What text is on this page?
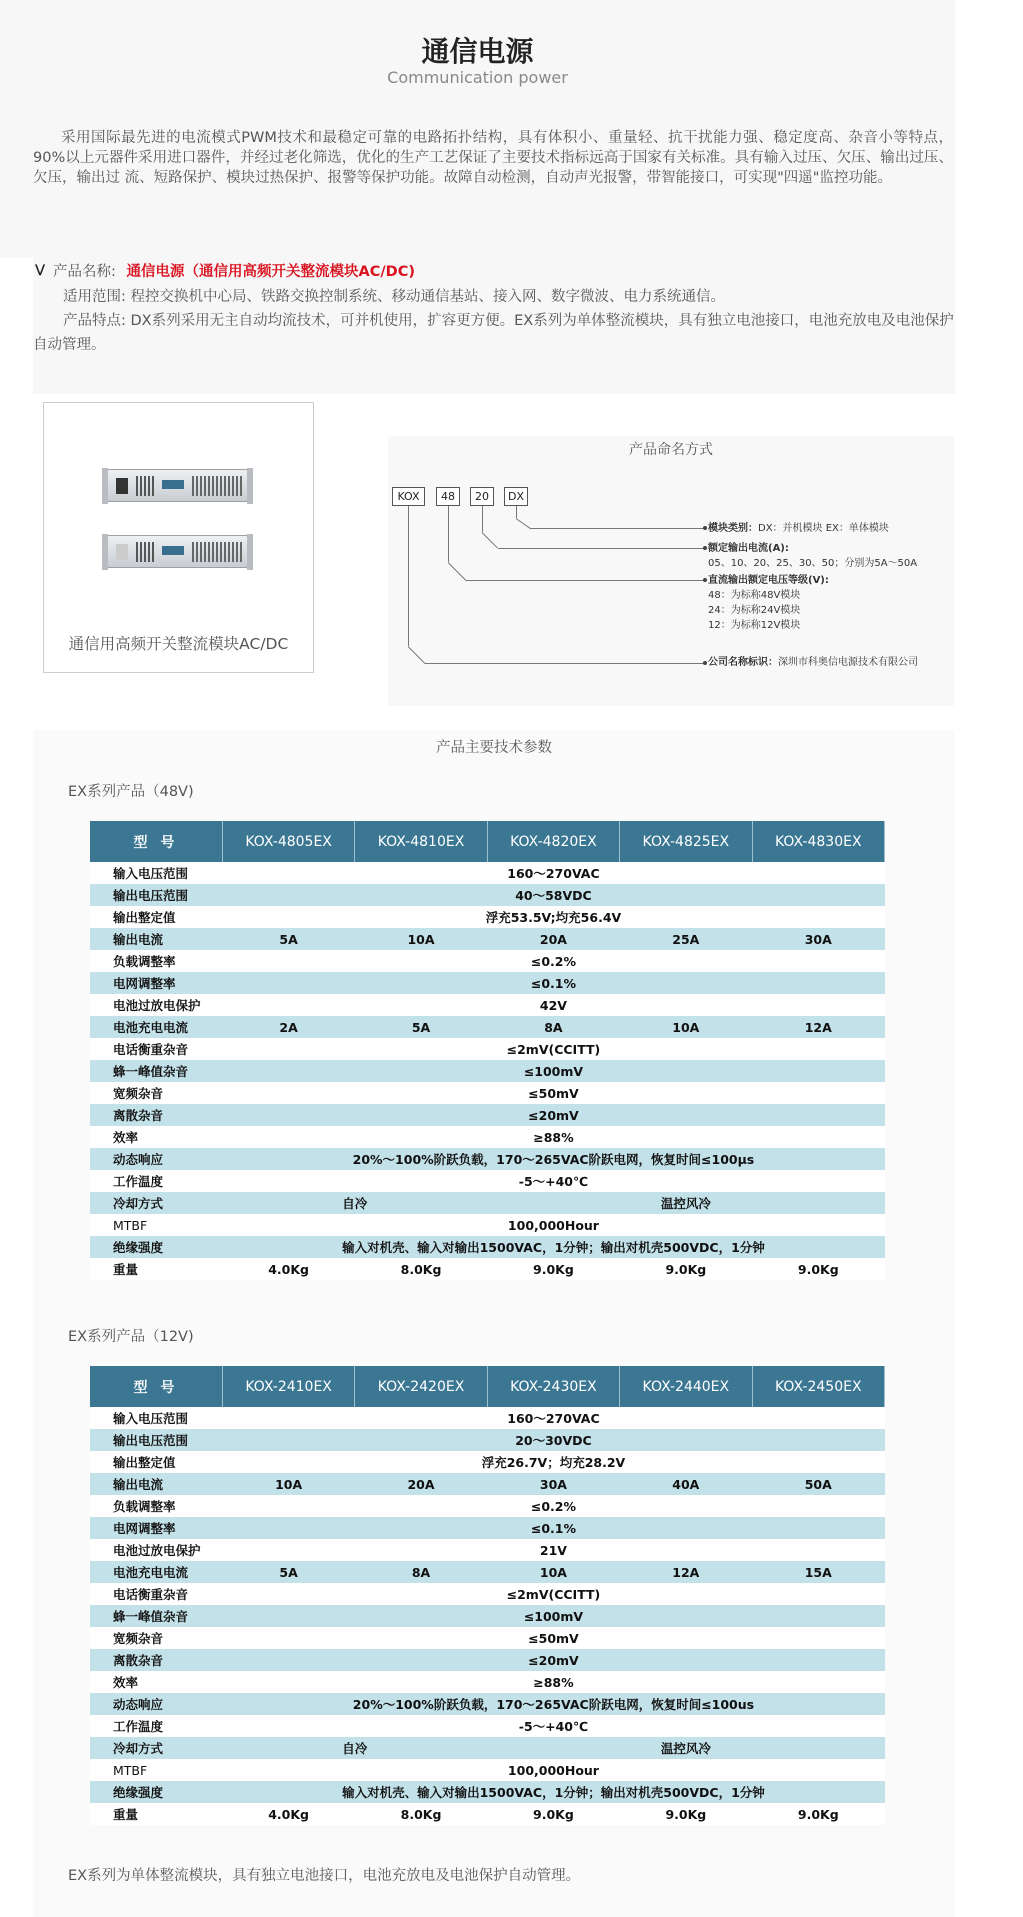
通信电源
Communication power
采用国际最先进的电流模式PWM技术和最稳定可靠的电路拓扑结构，具有体积小、重量轻、抗干扰能力强、稳定度高、杂音小等特点，90%以上元器件采用进口器件，并经过老化筛选，优化的生产工艺保证了主要技术指标远高于国家有关标准。具有输入过压、欠压、输出过压、欠压，输出过 流、短路保护、模块过热保护、报警等保护功能。故障自动检测，自动声光报警，带智能接口，可实现"四遥"监控功能。
⋁ 产品名称: 通信电源（通信用高频开关整流模块AC/DC)
适用范围: 程控交换机中心局、铁路交换控制系统、移动通信基站、接入网、数字微波、电力系统通信。
产品特点: DX系列采用无主自动均流技术，可并机使用，扩容更方便。EX系列为单体整流模块，具有独立电池接口，电池充放电及电池保护自动管理。
通信用高频开关整流模块AC/DC
产品命名方式
KOX	48	20	DX
模块类别：DX：并机模块 EX：单体模块
额定输出电流(A):
05、10、20、25、30、50；分别为5A～50A
直流输出额定电压等级(V):
48：为标称48V模块
24：为标称24V模块
12：为标称12V模块
公司名称标识：深圳市科奥信电源技术有限公司
产品主要技术参数
EX系列产品（48V)
型 号	KOX-4805EX	KOX-4810EX	KOX-4820EX	KOX-4825EX	KOX-4830EX
输入电压范围	160～270VAC				
输出电压范围	40～58VDC				
输出整定值	浮充53.5V;均充56.4V				
输出电流	5A	10A	20A	25A	30A
负载调整率	≤0.2%				
电网调整率	≤0.1%				
电池过放电保护	42V				
电池充电电流	2A	5A	8A	10A	12A
电话衡重杂音	≤2mV(CCITT)				
蜂一峰值杂音	≤100mV				
宽频杂音	≤50mV				
离散杂音	≤20mV				
效率	≥88%				
动态响应	20%～100%阶跃负载，170～265VAC阶跃电网，恢复时间≤100μs				
工作温度	-5～+40℃				
冷却方式	自冷		温控风冷		
MTBF	100,000Hour				
绝缘强度	输入对机壳、输入对输出1500VAC，1分钟；输出对机壳500VDC，1分钟				
重量	4.0Kg	8.0Kg	9.0Kg	9.0Kg	9.0Kg
EX系列产品（12V)
型 号	KOX-2410EX	KOX-2420EX	KOX-2430EX	KOX-2440EX	KOX-2450EX
输入电压范围	160～270VAC				
输出电压范围	20～30VDC				
输出整定值	浮充26.7V；均充28.2V				
输出电流	10A	20A	30A	40A	50A
负载调整率	≤0.2%				
电网调整率	≤0.1%				
电池过放电保护	21V				
电池充电电流	5A	8A	10A	12A	15A
电话衡重杂音	≤2mV(CCITT)				
蜂一峰值杂音	≤100mV				
宽频杂音	≤50mV				
离散杂音	≤20mV				
效率	≥88%				
动态响应	20%～100%阶跃负载，170～265VAC阶跃电网，恢复时间≤100us				
工作温度	-5～+40℃				
冷却方式	自冷		温控风冷		
MTBF	100,000Hour				
绝缘强度	输入对机壳、输入对输出1500VAC，1分钟；输出对机壳500VDC，1分钟				
重量	4.0Kg	8.0Kg	9.0Kg	9.0Kg	9.0Kg
EX系列为单体整流模块，具有独立电池接口，电池充放电及电池保护自动管理。
